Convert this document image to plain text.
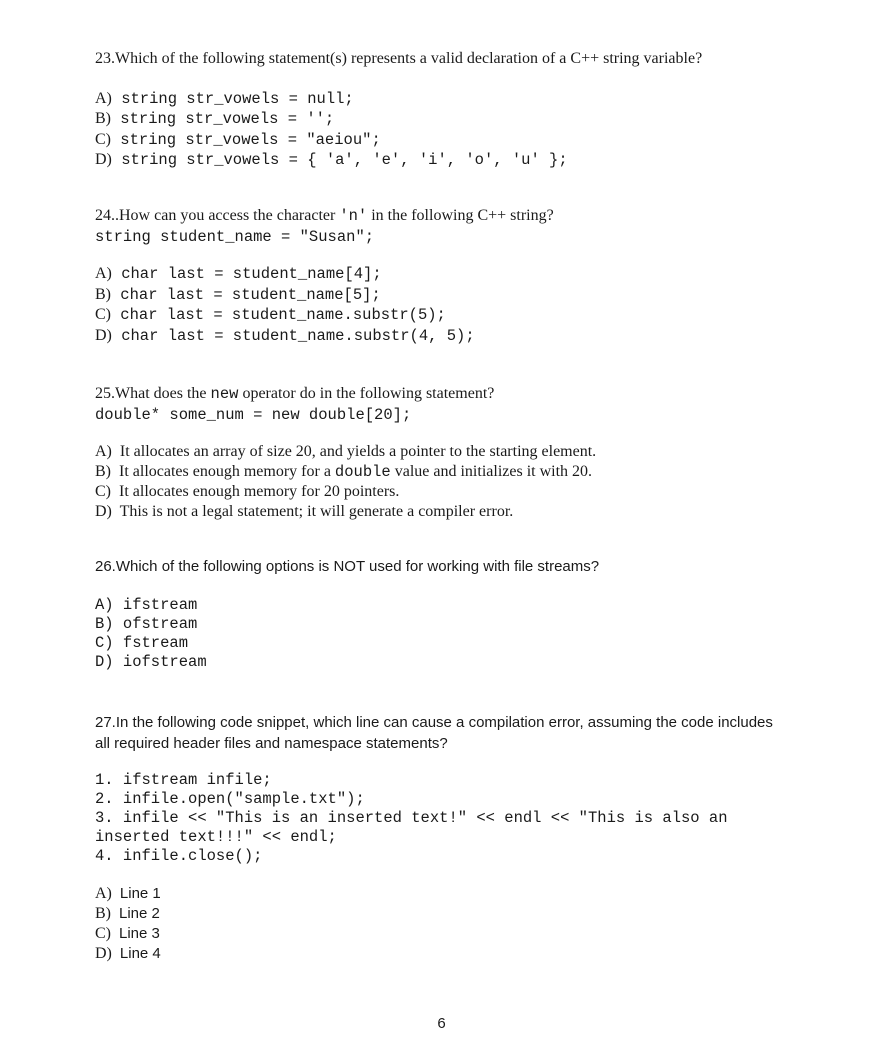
23.Which of the following statement(s) represents a valid declaration of a C++ string variable?
A) string str_vowels = null;
B) string str_vowels = '';
C) string str_vowels = "aeiou";
D) string str_vowels = { 'a', 'e', 'i', 'o', 'u' };
24..How can you access the character 'n' in the following C++ string?
string student_name = "Susan";
A) char last = student_name[4];
B) char last = student_name[5];
C) char last = student_name.substr(5);
D) char last = student_name.substr(4, 5);
25.What does the new operator do in the following statement?
double* some_num = new double[20];
A) It allocates an array of size 20, and yields a pointer to the starting element.
B) It allocates enough memory for a double value and initializes it with 20.
C) It allocates enough memory for 20 pointers.
D) This is not a legal statement; it will generate a compiler error.
26.Which of the following options is NOT used for working with file streams?
A) ifstream
B) ofstream
C) fstream
D) iofstream
27.In the following code snippet, which line can cause a compilation error, assuming the code includes
all required header files and namespace statements?
1. ifstream infile;
2. infile.open("sample.txt");
3. infile << "This is an inserted text!" << endl << "This is also an
inserted text!!!" << endl;
4. infile.close();
A) Line 1
B) Line 2
C) Line 3
D) Line 4
6
